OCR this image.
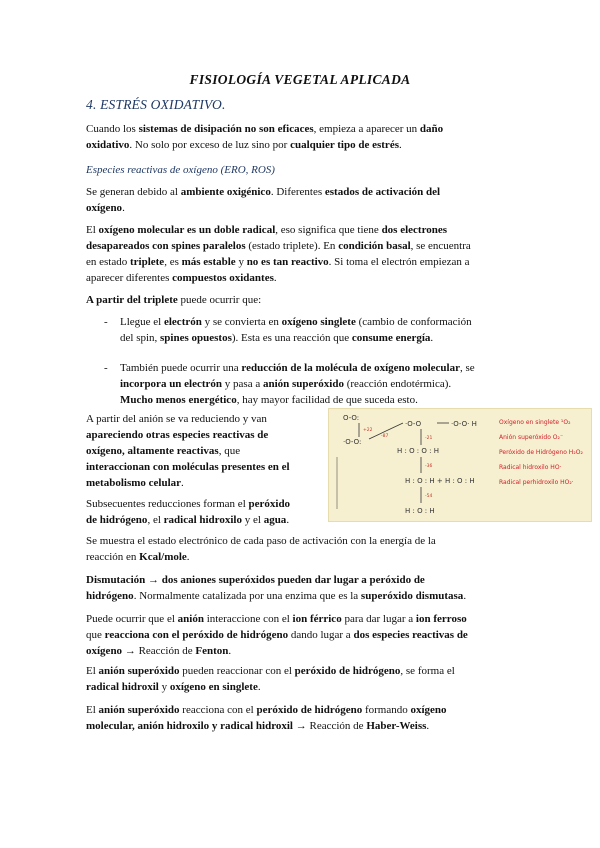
FISIOLOGÍA VEGETAL APLICADA
4. ESTRÉS OXIDATIVO.
Cuando los sistemas de disipación no son eficaces, empieza a aparecer un daño
oxidativo. No solo por exceso de luz sino por cualquier tipo de estrés.
Especies reactivas de oxígeno (ERO, ROS)
Se generan debido al ambiente oxigénico. Diferentes estados de activación del
oxígeno.
El oxígeno molecular es un doble radical, eso significa que tiene dos electrones
desapareados con spines paralelos (estado triplete). En condición basal, se encuentra
en estado triplete, es más estable y no es tan reactivo. Si toma el electrón empiezan a
aparecer diferentes compuestos oxidantes.
A partir del triplete puede ocurrir que:
- Llegue el electrón y se convierta en oxígeno singlete (cambio de conformación
del spin, spines opuestos). Esta es una reacción que consume energía.
- También puede ocurrir una reducción de la molécula de oxígeno molecular, se
incorpora un electrón y pasa a anión superóxido (reacción endotérmica).
Mucho menos energético, hay mayor facilidad de que suceda esto.
A partir del anión se va reduciendo y van
apareciendo otras especies reactivas de
oxígeno, altamente reactivas, que
interaccionan con moléculas presentes en el
metabolismo celular.
Subsecuentes reducciones forman el peróxido
de hidrógeno, el radical hidroxilo y el agua.
O-O:
·O-O	·O-O· H
·O-O:
H : O : O : H
H : O : H + H : O : H
H : O : H
+22
-87	-21
-36
-54
Oxígeno en singlete ¹O₂
Anión superóxido O₂⁻
Peróxido de Hidrógeno H₂O₂
Radical hidroxilo HO·
Radical perhidroxilo HO₂·
Se muestra el estado electrónico de cada paso de activación con la energía de la
reacción en Kcal/mole.
Dismutación → dos aniones superóxidos pueden dar lugar a peróxido de
hidrógeno. Normalmente catalizada por una enzima que es la superóxido dismutasa.
Puede ocurrir que el anión interaccione con el ion férrico para dar lugar a ion ferroso
que reacciona con el peróxido de hidrógeno dando lugar a dos especies reactivas de
oxígeno → Reacción de Fenton.
El anión superóxido pueden reaccionar con el peróxido de hidrógeno, se forma el
radical hidroxil y oxígeno en singlete.
El anión superóxido reacciona con el peróxido de hidrógeno formando oxígeno
molecular, anión hidroxilo y radical hidroxil → Reacción de Haber-Weiss.
